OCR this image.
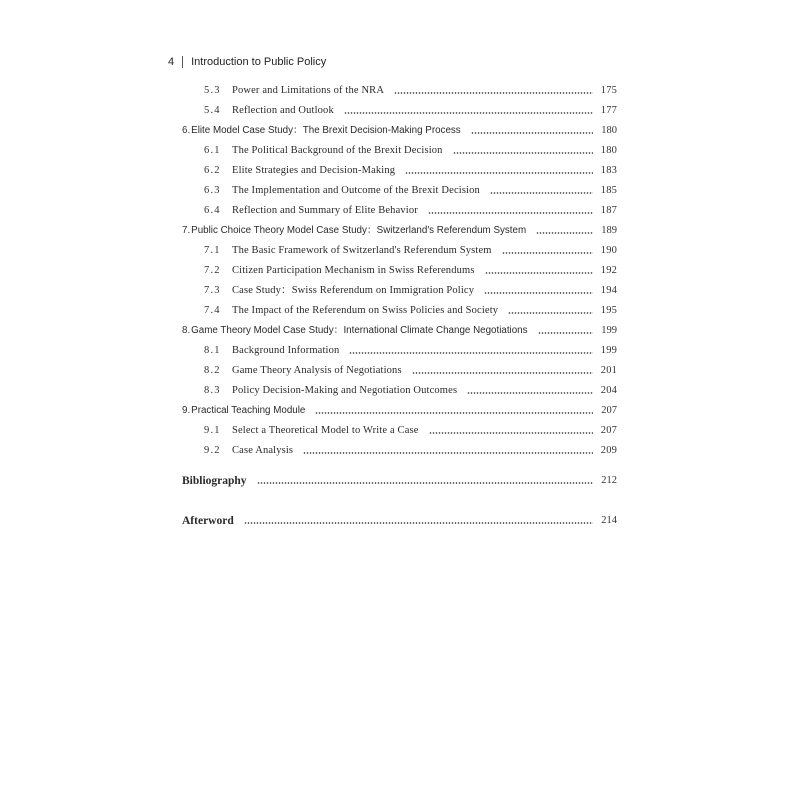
4 Introduction to Public Policy
5.3	Power and Limitations of the NRA	175
5.4	Reflection and Outlook	177
6. Elite Model Case Study：The Brexit Decision-Making Process	180
6.1	The Political Background of the Brexit Decision	180
6.2	Elite Strategies and Decision-Making	183
6.3	The Implementation and Outcome of the Brexit Decision	185
6.4	Reflection and Summary of Elite Behavior	187
7. Public Choice Theory Model Case Study：Switzerland's Referendum System	189
7.1	The Basic Framework of Switzerland's Referendum System	190
7.2	Citizen Participation Mechanism in Swiss Referendums	192
7.3	Case Study：Swiss Referendum on Immigration Policy	194
7.4	The Impact of the Referendum on Swiss Policies and Society	195
8. Game Theory Model Case Study：International Climate Change Negotiations	199
8.1	Background Information	199
8.2	Game Theory Analysis of Negotiations	201
8.3	Policy Decision-Making and Negotiation Outcomes	204
9. Practical Teaching Module	207
9.1	Select a Theoretical Model to Write a Case	207
9.2	Case Analysis	209
Bibliography	212
Afterword	214
